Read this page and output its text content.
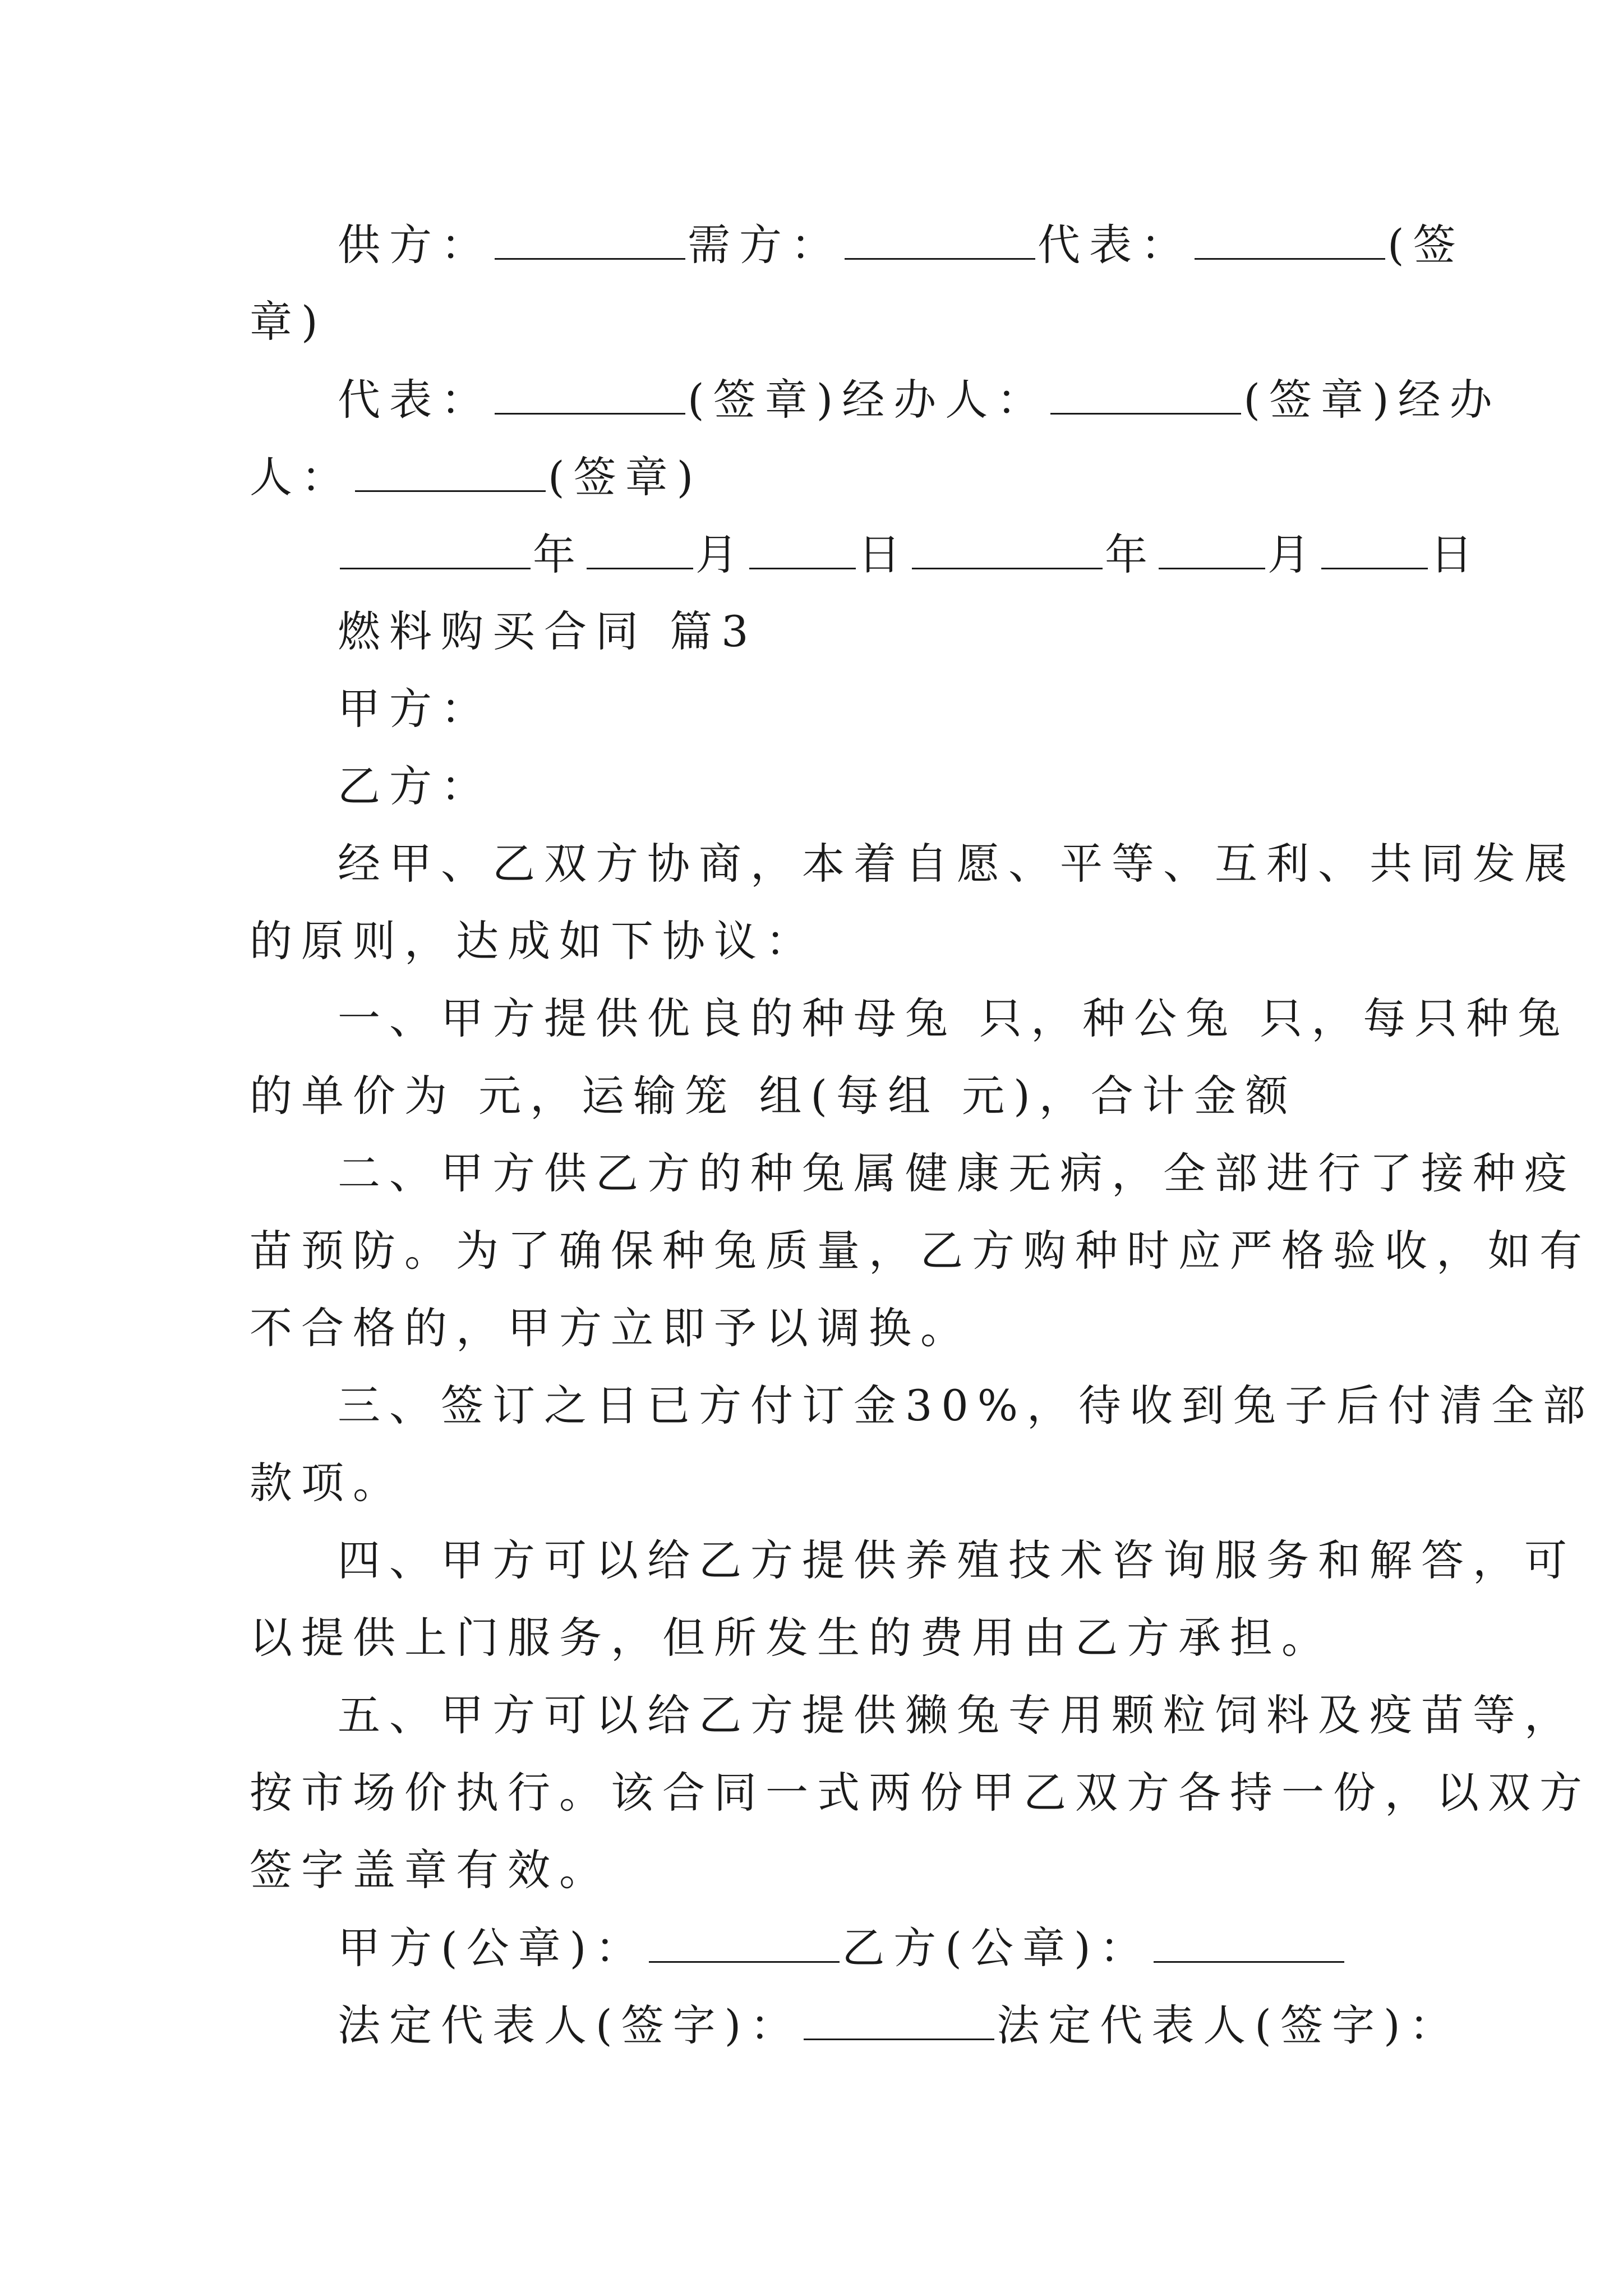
供方：	需方：	代表：	(签
章)
代表：	(签章)经办人：	(签章)经办
人：	(签章)
年	月	日	年	月	日
燃料购买合同 篇3
甲方：
乙方：
经甲、乙双方协商，本着自愿、平等、互利、共同发展
的原则，达成如下协议：
一、甲方提供优良的种母兔 只，种公兔 只，每只种兔
的单价为 元，运输笼 组(每组 元)，合计金额
二、甲方供乙方的种兔属健康无病，全部进行了接种疫
苗预防。为了确保种兔质量，乙方购种时应严格验收，如有
不合格的，甲方立即予以调换。
三、签订之日已方付订金30%，待收到兔子后付清全部
款项。
四、甲方可以给乙方提供养殖技术咨询服务和解答，可
以提供上门服务，但所发生的费用由乙方承担。
五、甲方可以给乙方提供獭兔专用颗粒饲料及疫苗等，
按市场价执行。该合同一式两份甲乙双方各持一份，以双方
签字盖章有效。
甲方(公章)：	乙方(公章)：
法定代表人(签字)：	法定代表人(签字)：
